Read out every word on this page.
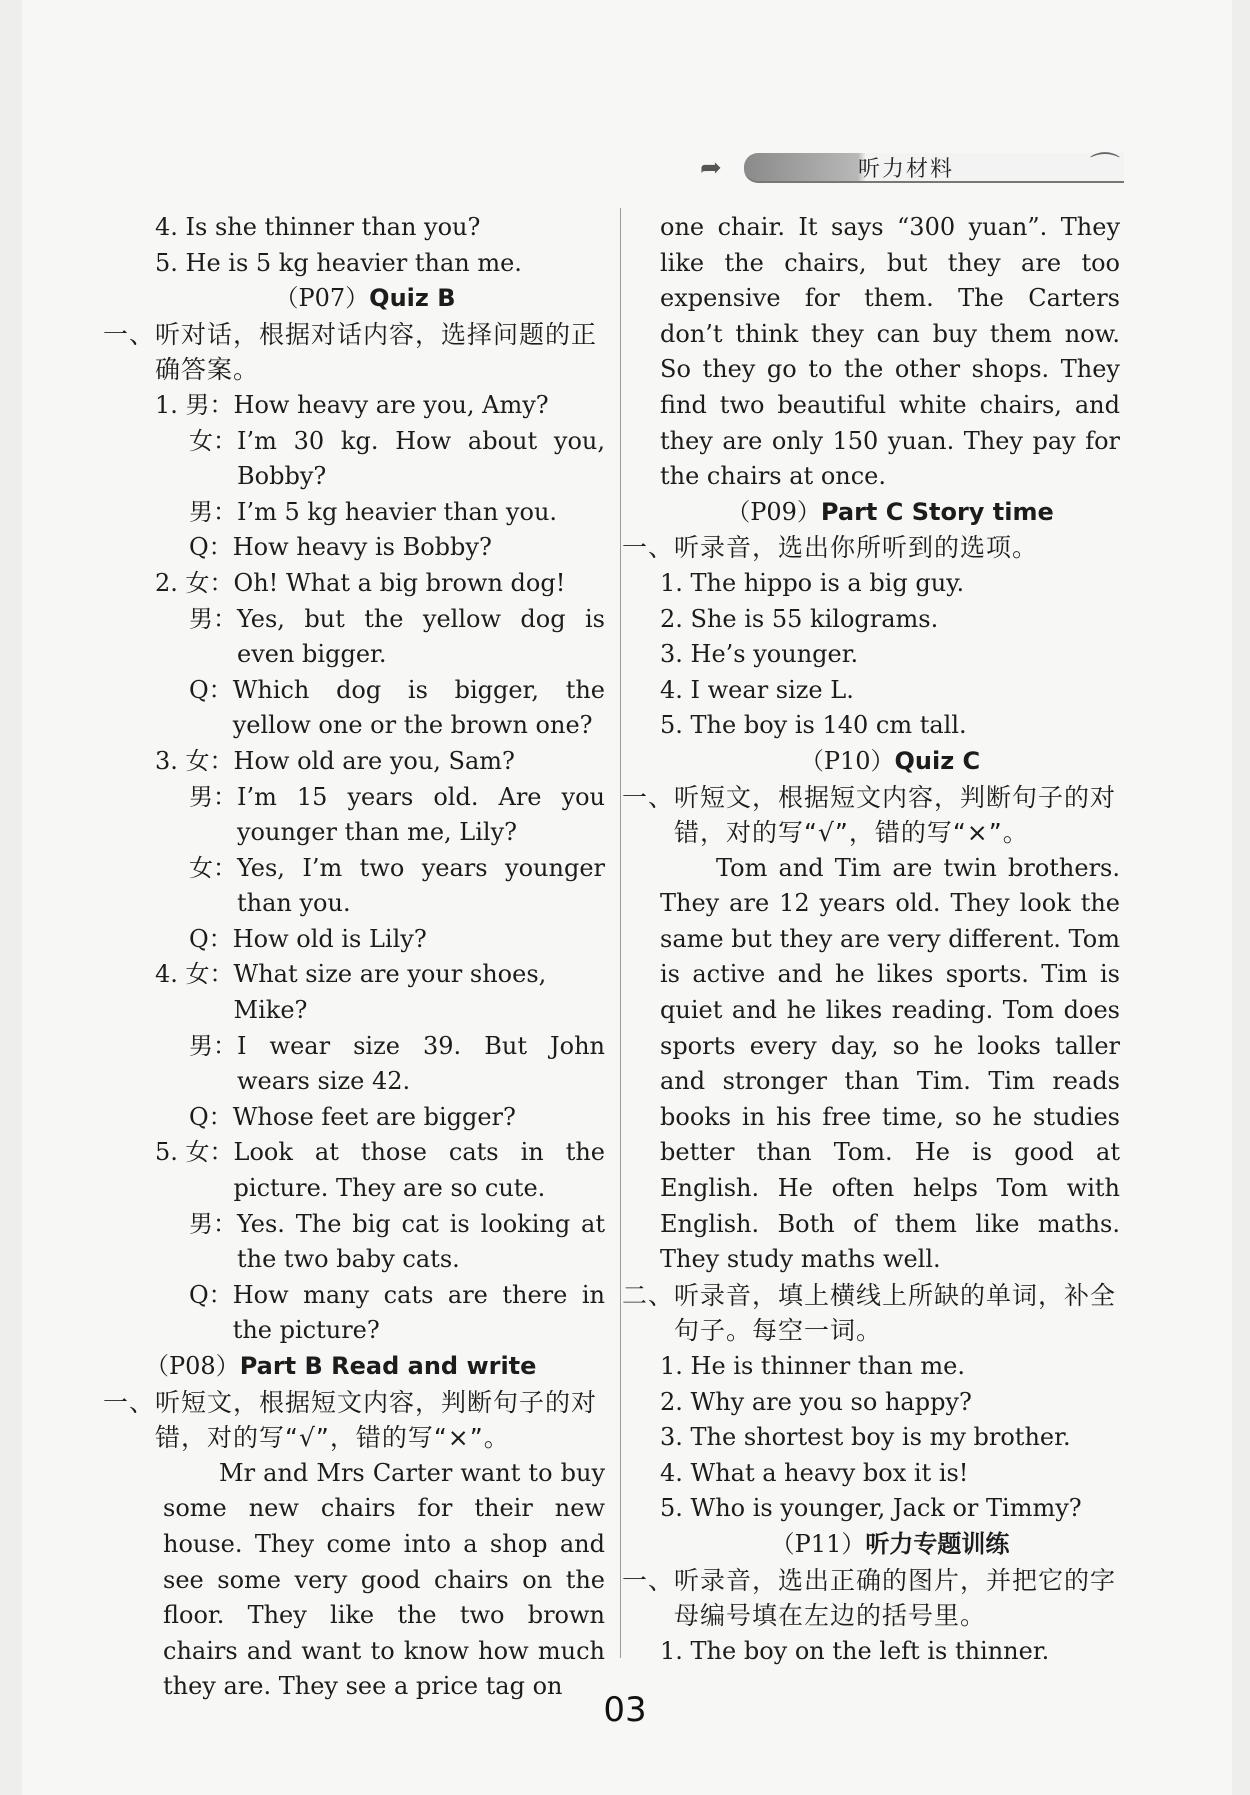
➦	听力材料	⌒
4. Is she thinner than you?
5. He is 5 kg heavier than me.
（P07）Quiz B
一、 听对话，根据对话内容，选择问题的正确答案。
1. 男： How heavy are you, Amy?
女： I’m 30 kg. How about you, Bobby?
男： I’m 5 kg heavier than you.
Q： How heavy is Bobby?
2. 女： Oh! What a big brown dog!
男： Yes, but the yellow dog is even bigger.
Q： Which dog is bigger, the yellow one or the brown one?
3. 女： How old are you, Sam?
男： I’m 15 years old. Are you younger than me, Lily?
女： Yes, I’m two years younger than you.
Q： How old is Lily?
4. 女： What size are your shoes, Mike?
男： I wear size 39. But John wears size 42.
Q： Whose feet are bigger?
5. 女： Look at those cats in the picture. They are so cute.
男： Yes. The big cat is looking at the two baby cats.
Q： How many cats are there in the picture?
（P08）Part B Read and write
一、 听短文，根据短文内容，判断句子的对错，对的写“√”，错的写“×”。
Mr and Mrs Carter want to buy some new chairs for their new house. They come into a shop and see some very good chairs on the floor. They like the two brown chairs and want to know how much they are. They see a price tag on
one chair. It says “300 yuan”. They like the chairs, but they are too expensive for them. The Carters don’t think they can buy them now. So they go to the other shops. They find two beautiful white chairs, and they are only 150 yuan. They pay for the chairs at once.
（P09）Part C Story time
一、 听录音，选出你所听到的选项。
1. The hippo is a big guy.
2. She is 55 kilograms.
3. He’s younger.
4. I wear size L.
5. The boy is 140 cm tall.
（P10）Quiz C
一、 听短文，根据短文内容，判断句子的对错，对的写“√”，错的写“×”。
Tom and Tim are twin brothers. They are 12 years old. They look the same but they are very different. Tom is active and he likes sports. Tim is quiet and he likes reading. Tom does sports every day, so he looks taller and stronger than Tim. Tim reads books in his free time, so he studies better than Tom. He is good at English. He often helps Tom with English. Both of them like maths. They study maths well.
二、 听录音，填上横线上所缺的单词，补全句子。每空一词。
1. He is thinner than me.
2. Why are you so happy?
3. The shortest boy is my brother.
4. What a heavy box it is!
5. Who is younger, Jack or Timmy?
（P11）听力专题训练
一、 听录音，选出正确的图片，并把它的字母编号填在左边的括号里。
1. The boy on the left is thinner.
03
